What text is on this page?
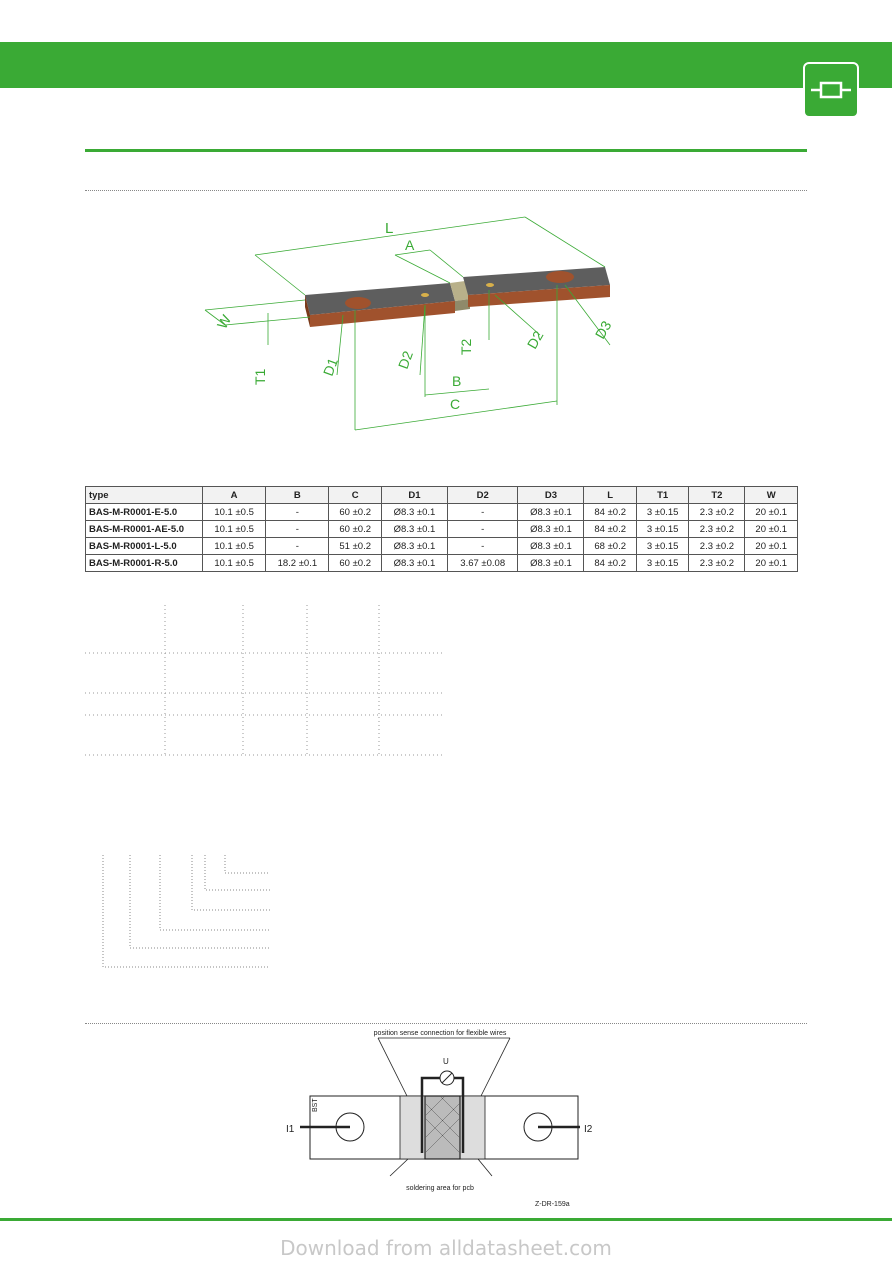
L
A
W
T1	D1	D2
T2	D2	D3
B
C
type	A	B	C	D1	D2	D3	L	T1	T2	W
BAS-M-R0001-E-5.0	10.1 ±0.5	-	60 ±0.2	Ø8.3 ±0.1	-	Ø8.3 ±0.1	84 ±0.2	3 ±0.15	2.3 ±0.2	20 ±0.1
BAS-M-R0001-AE-5.0	10.1 ±0.5	-	60 ±0.2	Ø8.3 ±0.1	-	Ø8.3 ±0.1	84 ±0.2	3 ±0.15	2.3 ±0.2	20 ±0.1
BAS-M-R0001-L-5.0	10.1 ±0.5	-	51 ±0.2	Ø8.3 ±0.1	-	Ø8.3 ±0.1	68 ±0.2	3 ±0.15	2.3 ±0.2	20 ±0.1
BAS-M-R0001-R-5.0	10.1 ±0.5	18.2 ±0.1	60 ±0.2	Ø8.3 ±0.1	3.67 ±0.08	Ø8.3 ±0.1	84 ±0.2	3 ±0.15	2.3 ±0.2	20 ±0.1
position sense connection for flexible wires
I1	I2
U
BST
soldering area for pcb
Z-DR-159a
Download from alldatasheet.com
